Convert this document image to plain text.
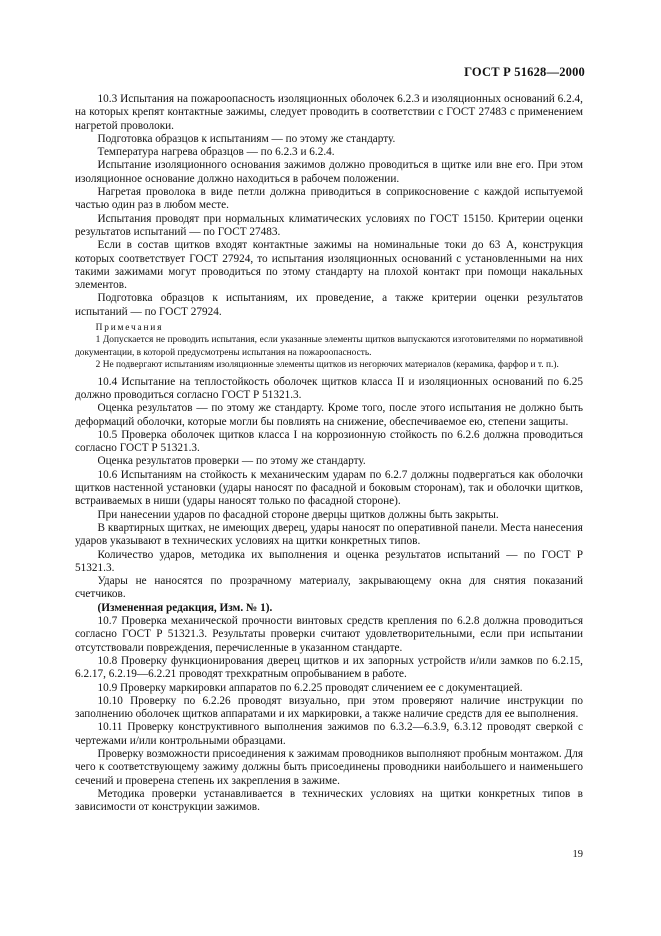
ГОСТ Р 51628—2000

10.3 Испытания на пожароопасность изоляционных оболочек 6.2.3 и изоляционных оснований 6.2.4, на которых крепят контактные зажимы, следует проводить в соответствии с ГОСТ 27483 с применением нагретой проволоки.

Подготовка образцов к испытаниям — по этому же стандарту.

Температура нагрева образцов — по 6.2.3 и 6.2.4.

Испытание изоляционного основания зажимов должно проводиться в щитке или вне его. При этом изоляционное основание должно находиться в рабочем положении.

Нагретая проволока в виде петли должна приводиться в соприкосновение с каждой испытуемой частью один раз в любом месте.

Испытания проводят при нормальных климатических условиях по ГОСТ 15150. Критерии оценки результатов испытаний — по ГОСТ 27483.

Если в состав щитков входят контактные зажимы на номинальные токи до 63 А, конструкция которых соответствует ГОСТ 27924, то испытания изоляционных оснований с установленными на них такими зажимами могут проводиться по этому стандарту на плохой контакт при помощи накальных элементов.

Подготовка образцов к испытаниям, их проведение, а также критерии оценки результатов испытаний — по ГОСТ 27924.

Примечания

1 Допускается не проводить испытания, если указанные элементы щитков выпускаются изготовителями по нормативной документации, в которой предусмотрены испытания на пожароопасность.

2 Не подвергают испытаниям изоляционные элементы щитков из негорючих материалов (керамика, фарфор и т. п.).

10.4 Испытание на теплостойкость оболочек щитков класса II и изоляционных оснований по 6.25 должно проводиться согласно ГОСТ Р 51321.3.

Оценка результатов — по этому же стандарту. Кроме того, после этого испытания не должно быть деформаций оболочки, которые могли бы повлиять на снижение, обеспечиваемое ею, степени защиты.

10.5 Проверка оболочек щитков класса I на коррозионную стойкость по 6.2.6 должна проводиться согласно ГОСТ Р 51321.3.

Оценка результатов проверки — по этому же стандарту.

10.6 Испытаниям на стойкость к механическим ударам по 6.2.7 должны подвергаться как оболочки щитков настенной установки (удары наносят по фасадной и боковым сторонам), так и оболочки щитков, встраиваемых в ниши (удары наносят только по фасадной стороне).

При нанесении ударов по фасадной стороне дверцы щитков должны быть закрыты.

В квартирных щитках, не имеющих дверец, удары наносят по оперативной панели. Места нанесения ударов указывают в технических условиях на щитки конкретных типов.

Количество ударов, методика их выполнения и оценка результатов испытаний — по ГОСТ Р 51321.3.

Удары не наносятся по прозрачному материалу, закрывающему окна для снятия показаний счетчиков.

(Измененная редакция, Изм. № 1).

10.7 Проверка механической прочности винтовых средств крепления по 6.2.8 должна проводиться согласно ГОСТ Р 51321.3. Результаты проверки считают удовлетворительными, если при испытании отсутствовали повреждения, перечисленные в указанном стандарте.

10.8 Проверку функционирования дверец щитков и их запорных устройств и/или замков по 6.2.15, 6.2.17, 6.2.19—6.2.21 проводят трехкратным опробыванием в работе.

10.9 Проверку маркировки аппаратов по 6.2.25 проводят сличением ее с документацией.

10.10 Проверку по 6.2.26 проводят визуально, при этом проверяют наличие инструкции по заполнению оболочек щитков аппаратами и их маркировки, а также наличие средств для ее выполнения.

10.11 Проверку конструктивного выполнения зажимов по 6.3.2—6.3.9, 6.3.12 проводят сверкой с чертежами и/или контрольными образцами.

Проверку возможности присоединения к зажимам проводников выполняют пробным монтажом. Для чего к соответствующему зажиму должны быть присоединены проводники наибольшего и наименьшего сечений и проверена степень их закрепления в зажиме.

Методика проверки устанавливается в технических условиях на щитки конкретных типов в зависимости от конструкции зажимов.

19
